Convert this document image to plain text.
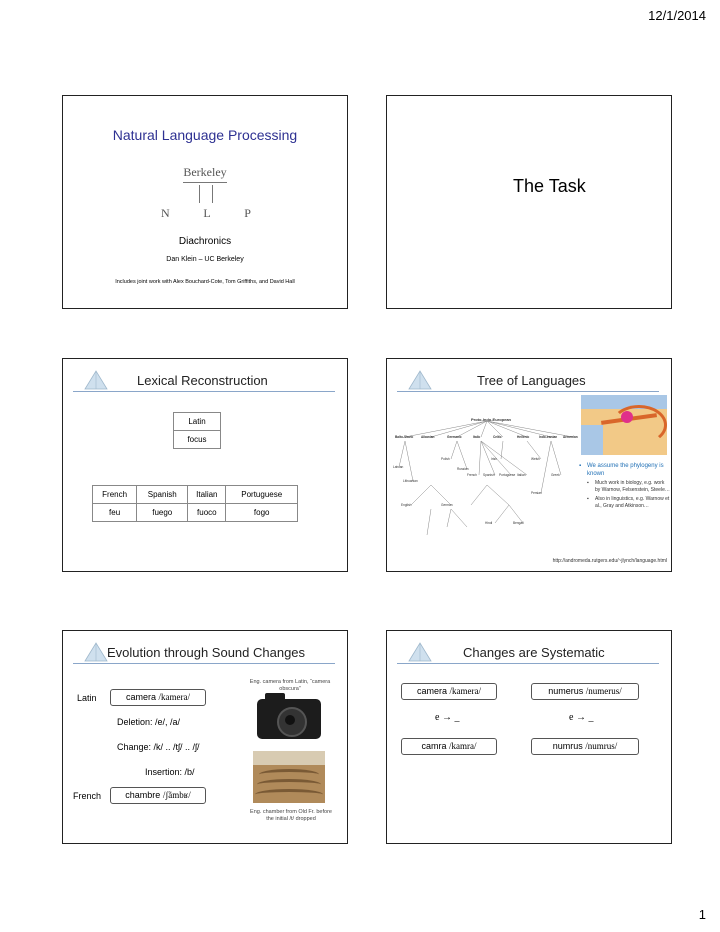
12/1/2014
Natural Language Processing
Berkeley
N	L	P
Diachronics
Dan Klein – UC Berkeley
Includes joint work with Alex Bouchard-Cote, Tom Griffiths, and David Hall
The Task
Lexical Reconstruction
Latin
focus
French	Spanish	Italian	Portuguese
feu	fuego	fuoco	fogo
Tree of Languages
Proto-Indo-European
Balto-Slavic Albanian	Germanic	Italic	Celtic	Hellenic	Indo-Iranian Armenian
Latvian
Lithuanian
Polish
Russian
English	German
French Spanish Portuguese Italian
Irish	Welsh
Greek
Persian
Hindi	Bengali
▪ We assume the phylogeny is known
▪ Much work in biology, e.g. work by Warnow, Felsenstein, Steele…
▪ Also in linguistics, e.g. Warnow et al., Gray and Atkinson…
http://andromeda.rutgers.edu/~jlynch/language.html
Evolution through Sound Changes
Latin	camera /kamera/
Deletion: /e/, /a/
Change: /k/ .. /tʃ/ .. /ʃ/
Insertion: /b/
French	chambre /ʃãmbʁ/
Eng. camera from Latin, “camera obscura”
Eng. chamber from Old Fr. before the initial /t/ dropped
Changes are Systematic
camera /kamera/	numerus /numerus/
e → _	e → _
camra /kamra/	numrus /numrus/
1
